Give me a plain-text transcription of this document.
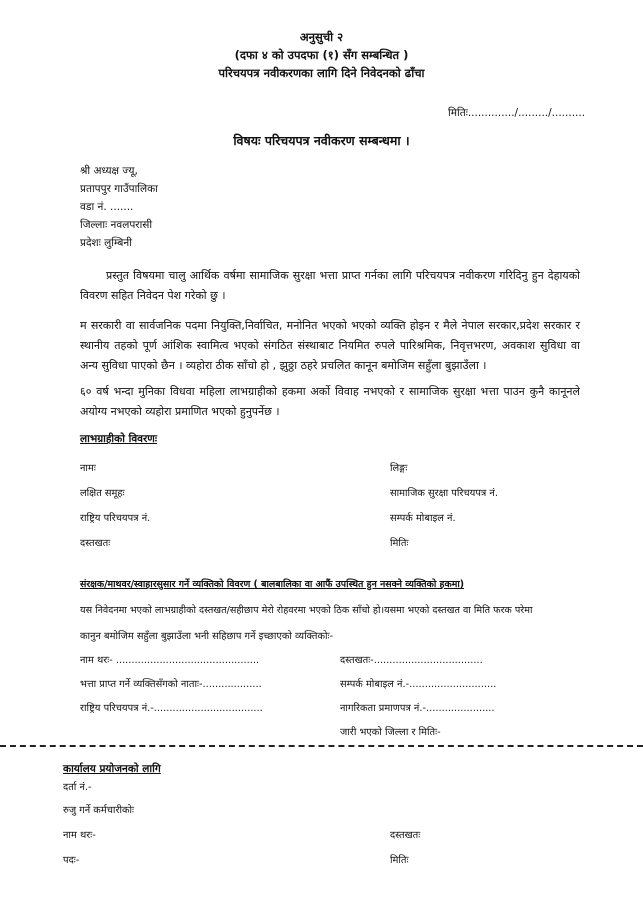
अनुसुची २
(दफा ४ को उपदफा (१) सँग सम्बन्धित )
परिचयपत्र नवीकरणका लागि दिने निवेदनको ढाँचा
मितिः............../........./..........
विषयः परिचयपत्र नवीकरण सम्बन्धमा ।
श्री अध्यक्ष ज्यू,
प्रतापपुर गाउँपालिका
वडा नं. .......
जिल्लाः नवलपरासी
प्रदेशः लुम्बिनी
प्रस्तुत विषयमा चालु आर्थिक वर्षमा सामाजिक सुरक्षा भत्ता प्राप्त गर्नका लागि परिचयपत्र नवीकरण गरिदिनु हुन देहायको विवरण सहित निवेदन पेश गरेको छु ।
म सरकारी वा सार्वजनिक पदमा नियुक्ति,निर्वाचित, मनोनित भएको भएको व्यक्ति होइन र मैले नेपाल सरकार,प्रदेश सरकार र स्थानीय तहको पूर्ण आंशिक स्वामित्व भएको संगठित संस्थाबाट नियमित रुपले पारिश्रमिक, निवृत्तभरण, अवकाश सुविधा वा अन्य सुविधा पाएको छैन । व्यहोरा ठीक साँचो हो , झुठ्ठा ठहरे प्रचलित कानून बमोजिम सहुँला बुझाउँला ।
६० वर्ष भन्दा मुनिका विधवा महिला लाभग्राहीको हकमा अर्को विवाह नभएको र सामाजिक सुरक्षा भत्ता पाउन कुनै कानूनले अयोग्य नभएको व्यहोरा प्रमाणित भएको हुनुपर्नेछ ।
लाभग्राहीको विवरणः
नामः	लिङ्गः
लक्षित समूहः	सामाजिक सुरक्षा परिचयपत्र नं.
राष्ट्रिय परिचयपत्र नं.	सम्पर्क मोबाइल नं.
दस्तखतः	मितिः
संरक्षक/माथवर/स्वाहारसुसार गर्ने व्यक्तिको विवरण ( बालबालिका वा आफैं उपस्थित हुन नसक्ने व्यक्तिको हकमा)
यस निवेदनमा भएको लाभग्राहीको दस्तखत/सहीछाप मेरो रोहवरमा भएको ठिक साँचो हो।यसमा भएको दस्तखत वा मिति फरक परेमा
कानुन बमोजिम सहुँला बुझाउँला भनी सहिछाप गर्ने इच्छाएको व्यक्तिकोः-
नाम थरः- ..............................................	दस्तखतः-...................................
भत्ता प्राप्त गर्ने व्यक्तिसँगको नाताः-...................	सम्पर्क मोबाइल नं.-............................
राष्ट्रिय परिचयपत्र नं.-...................................	नागरिकता प्रमाणपत्र नं.-......................
जारी भएको जिल्ला र मितिः-
कार्यालय प्रयोजनको लागि
दर्ता नं.-
रुजु गर्ने कर्मचारीकोः
नाम थरः-	दस्तखतः
पदः-	मितिः
